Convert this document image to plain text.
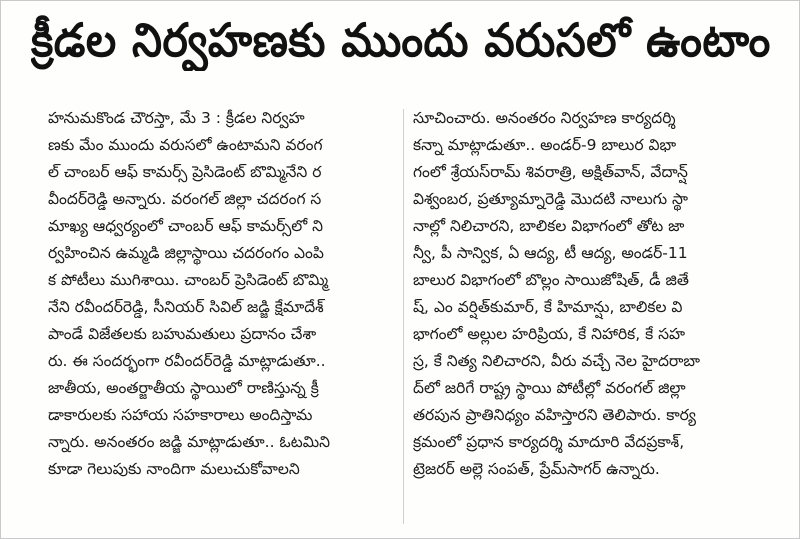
క్రీడల నిర్వహణకు ముందు వరుసలో ఉంటాం
హనుమకొండ చౌరస్తా, మే 3 : క్రీడల నిర్వహ
ణకు మేం ముందు వరుసలో ఉంటామని వరంగ
ల్ చాంబర్ ఆఫ్ కామర్స్ ప్రెసిడెంట్ బొమ్మినేని ర
వీందర్‌రెడ్డి అన్నారు. వరంగల్ జిల్లా చదరంగ స
మాఖ్య ఆధ్వర్యంలో చాంబర్ ఆఫ్ కామర్స్‌లో ని
ర్వహించిన ఉమ్మడి జిల్లాస్థాయి చదరంగం ఎంపి
క పోటీలు ముగిశాయి. చాంబర్ ప్రెసిడెంట్ బొమ్మి
నేని రవీందర్‌రెడ్డి, సీనియర్ సివిల్ జడ్జి క్షేమాదేశ్
పాండే విజేతలకు బహుమతులు ప్రదానం చేశా
రు. ఈ సందర్భంగా రవీందర్‌రెడ్డి మాట్లాడుతూ..
జాతీయ, అంతర్జాతీయ స్థాయిలో రాణిస్తున్న క్రీ
డాకారులకు సహాయ సహకారాలు అందిస్తామ
న్నారు. అనంతరం జడ్జి మాట్లాడుతూ.. ఓటమిని
కూడా గెలుపుకు నాందిగా మలుచుకోవాలని
సూచించారు. అనంతరం నిర్వహణ కార్యదర్శి
కన్నా మాట్లాడుతూ.. అండర్-9 బాలుర విభా
గంలో శ్రేయస్‌రామ్ శివరాత్రి, అక్షిత్‌వాన్, వేదాన్ష్
విశ్వంబర, ప్రత్యూమ్నారెడ్డి మొదటి నాలుగు స్థా
నాల్లో నిలిచారని, బాలికల విభాగంలో తోట జా
న్వీ, పీ సాన్విక, ఏ ఆద్య, టీ ఆద్య, అండర్-11
బాలుర విభాగంలో బొల్లం సాయిజోషిత్, డీ జితే
ష్, ఎం వర్షిత్‌కుమార్, కే హిమాన్షు, బాలికల వి
భాగంలో అల్లుల హరిప్రియ, కే నిహారిక, కే సహ
స్ర, కే నిత్య నిలిచారని, వీరు వచ్చే నెల హైదరాబా
ద్‌లో జరిగే రాష్ట్ర స్థాయి పోటీల్లో వరంగల్ జిల్లా
తరపున ప్రాతినిధ్యం వహిస్తారని తెలిపారు. కార్య
క్రమంలో ప్రధాన కార్యదర్శి మాదూరి వేదప్రకాశ్,
ట్రెజరర్ అల్లె సంపత్, ప్రేమ్‌సాగర్ ఉన్నారు.
